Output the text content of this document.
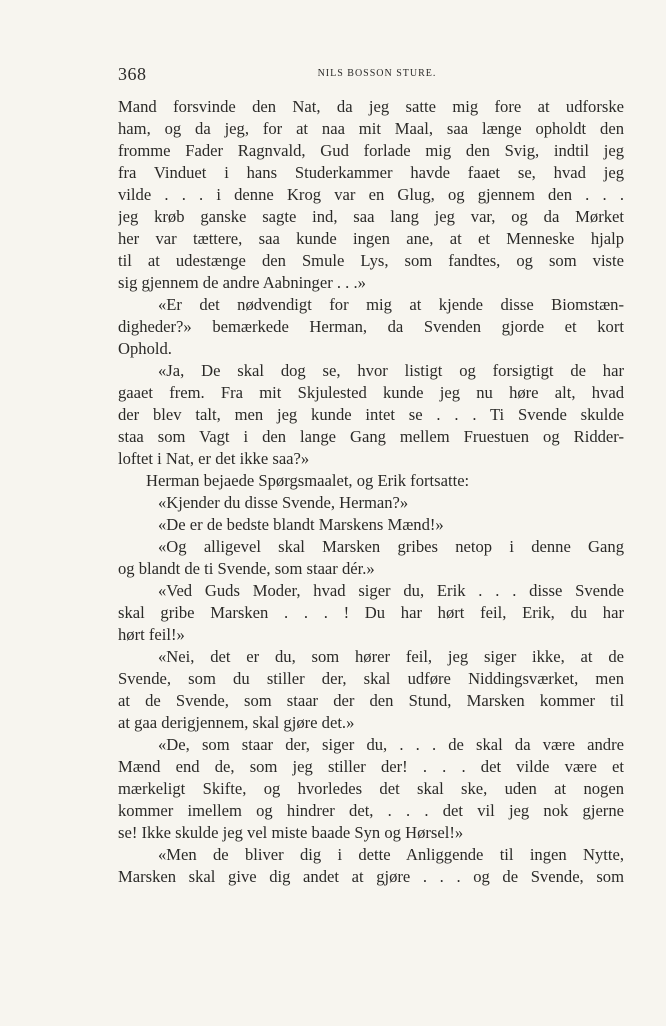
368	NILS BOSSON STURE.
Mand forsvinde den Nat, da jeg satte mig fore at udforske
ham, og da jeg, for at naa mit Maal, saa længe opholdt den
fromme Fader Ragnvald, Gud forlade mig den Svig, indtil jeg
fra Vinduet i hans Studerkammer havde faaet se, hvad jeg
vilde . . . i denne Krog var en Glug, og gjennem den . . .
jeg krøb ganske sagte ind, saa lang jeg var, og da Mørket
her var tættere, saa kunde ingen ane, at et Menneske hjalp
til at udestænge den Smule Lys, som fandtes, og som viste
sig gjennem de andre Aabninger . . .»
«Er det nødvendigt for mig at kjende disse Biomstæn-
digheder?» bemærkede Herman, da Svenden gjorde et kort
Ophold.
«Ja, De skal dog se, hvor listigt og forsigtigt de har
gaaet frem. Fra mit Skjulested kunde jeg nu høre alt, hvad
der blev talt, men jeg kunde intet se . . . Ti Svende skulde
staa som Vagt i den lange Gang mellem Fruestuen og Ridder-
loftet i Nat, er det ikke saa?»
Herman bejaede Spørgsmaalet, og Erik fortsatte:
«Kjender du disse Svende, Herman?»
«De er de bedste blandt Marskens Mænd!»
«Og alligevel skal Marsken gribes netop i denne Gang
og blandt de ti Svende, som staar dér.»
«Ved Guds Moder, hvad siger du, Erik . . . disse Svende
skal gribe Marsken . . . ! Du har hørt feil, Erik, du har
hørt feil!»
«Nei, det er du, som hører feil, jeg siger ikke, at de
Svende, som du stiller der, skal udføre Niddingsværket, men
at de Svende, som staar der den Stund, Marsken kommer til
at gaa derigjennem, skal gjøre det.»
«De, som staar der, siger du, . . . de skal da være andre
Mænd end de, som jeg stiller der! . . . det vilde være et
mærkeligt Skifte, og hvorledes det skal ske, uden at nogen
kommer imellem og hindrer det, . . . det vil jeg nok gjerne
se! Ikke skulde jeg vel miste baade Syn og Hørsel!»
«Men de bliver dig i dette Anliggende til ingen Nytte,
Marsken skal give dig andet at gjøre . . . og de Svende, som
